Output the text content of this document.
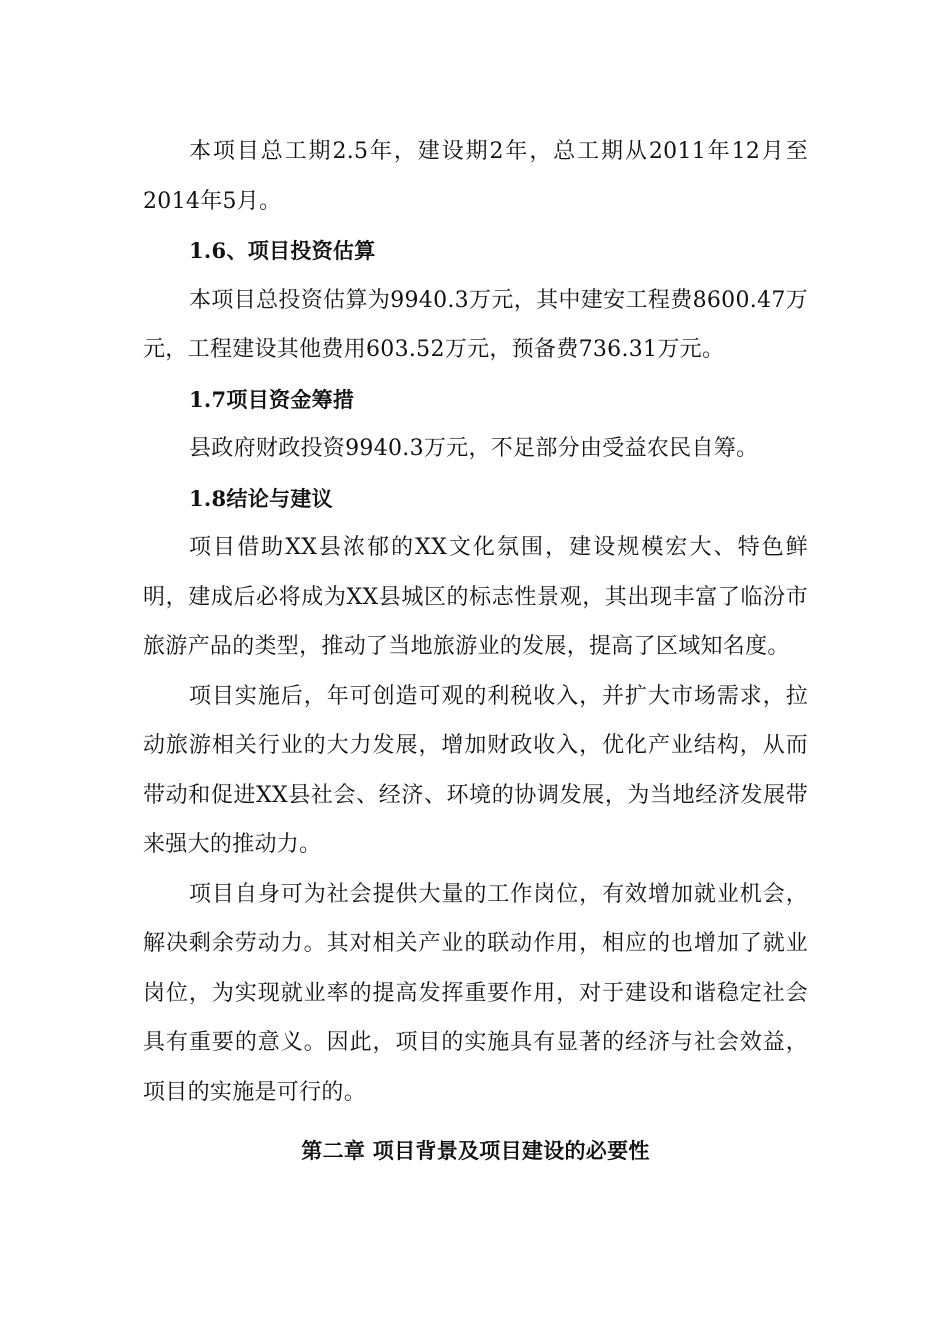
本项目总工期2.5年，建设期2年，总工期从2011年12月至2014年5月。

1.6、项目投资估算

本项目总投资估算为9940.3万元，其中建安工程费8600.47万元，工程建设其他费用603.52万元，预备费736.31万元。

1.7项目资金筹措

县政府财政投资9940.3万元，不足部分由受益农民自筹。

1.8结论与建议

项目借助XX县浓郁的XX文化氛围，建设规模宏大、特色鲜明，建成后必将成为XX县城区的标志性景观，其出现丰富了临汾市旅游产品的类型，推动了当地旅游业的发展，提高了区域知名度。

项目实施后，年可创造可观的利税收入，并扩大市场需求，拉动旅游相关行业的大力发展，增加财政收入，优化产业结构，从而带动和促进XX县社会、经济、环境的协调发展，为当地经济发展带来强大的推动力。

项目自身可为社会提供大量的工作岗位，有效增加就业机会，解决剩余劳动力。其对相关产业的联动作用，相应的也增加了就业岗位，为实现就业率的提高发挥重要作用，对于建设和谐稳定社会具有重要的意义。因此，项目的实施具有显著的经济与社会效益，项目的实施是可行的。

第二章 项目背景及项目建设的必要性
